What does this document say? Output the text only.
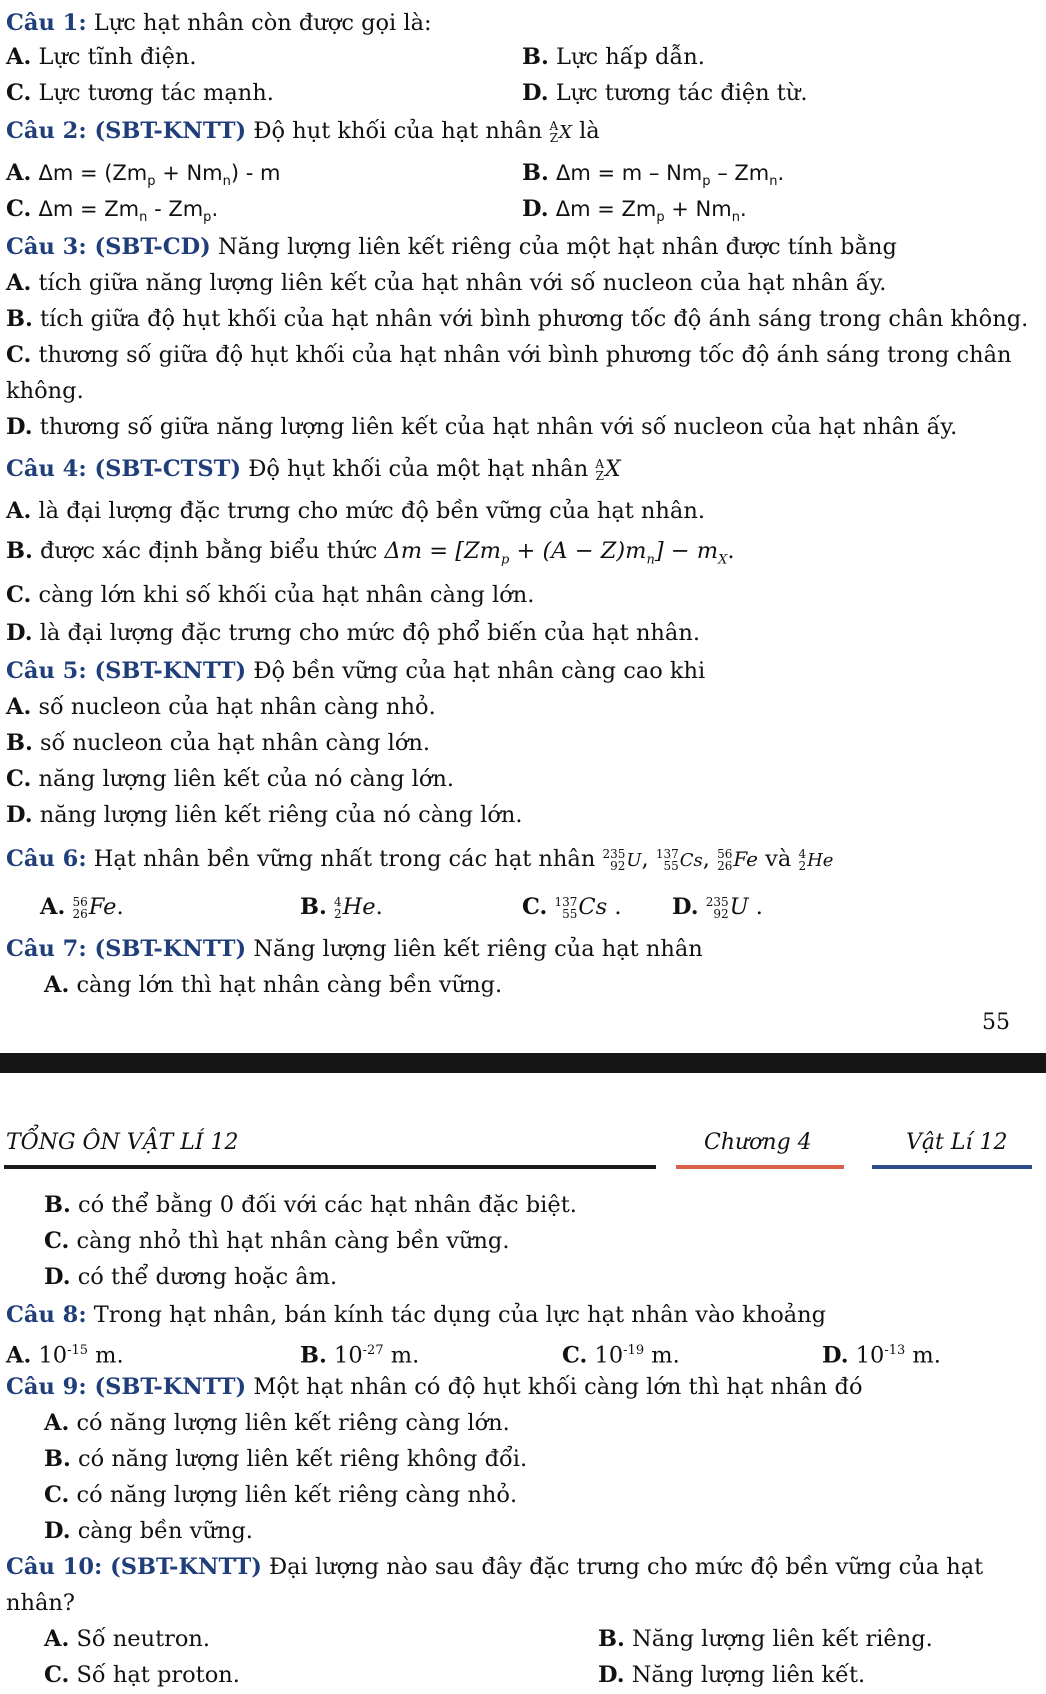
Câu 1: Lực hạt nhân còn được gọi là:
A. Lực tĩnh điện.	B. Lực hấp dẫn.
C. Lực tương tác mạnh.	D. Lực tương tác điện từ.
Câu 2: (SBT-KNTT) Độ hụt khối của hạt nhân A
Z X là
A. $\Delta m = (Zm_p + Nm_n) - m$	B. $\Delta m = m - Nm_p - Zm_n$.
C. $\Delta m = Zm_n - Zm_p$.	D. $\Delta m = Zm_p + Nm_n$.
Câu 3: (SBT-CD) Năng lượng liên kết riêng của một hạt nhân được tính bằng
A. tích giữa năng lượng liên kết của hạt nhân với số nucleon của hạt nhân ấy.
B. tích giữa độ hụt khối của hạt nhân với bình phương tốc độ ánh sáng trong chân không.
C. thương số giữa độ hụt khối của hạt nhân với bình phương tốc độ ánh sáng trong chân
không.
D. thương số giữa năng lượng liên kết của hạt nhân với số nucleon của hạt nhân ấy.
Câu 4: (SBT-CTST) Độ hụt khối của một hạt nhân A
Z X
A. là đại lượng đặc trưng cho mức độ bền vững của hạt nhân.
B. được xác định bằng biểu thức $\Delta m = [Zm_p + (A - Z)m_n] - m_X$.
C. càng lớn khi số khối của hạt nhân càng lớn.
D. là đại lượng đặc trưng cho mức độ phổ biến của hạt nhân.
Câu 5: (SBT-KNTT) Độ bền vững của hạt nhân càng cao khi
A. số nucleon của hạt nhân càng nhỏ.
B. số nucleon của hạt nhân càng lớn.
C. năng lượng liên kết của nó càng lớn.
D. năng lượng liên kết riêng của nó càng lớn.
Câu 6: Hạt nhân bền vững nhất trong các hạt nhân 235
92 U, 137
55 Cs, 56
26 Fe và 4
2 He
A. 56
26 Fe.	B. 4
2 He.	C. 137
55 Cs . D. 235
92 U .
Câu 7: (SBT-KNTT) Năng lượng liên kết riêng của hạt nhân
A. càng lớn thì hạt nhân càng bền vững.
55
TỔNG ÔN VẬT LÍ 12	Chương 4	Vật Lí 12
B. có thể bằng 0 đối với các hạt nhân đặc biệt.
C. càng nhỏ thì hạt nhân càng bền vững.
D. có thể dương hoặc âm.
Câu 8: Trong hạt nhân, bán kính tác dụng của lực hạt nhân vào khoảng
A. $10^{-15}$ m.	B. $10^{-27}$ m.	C. $10^{-19}$ m.	D. $10^{-13}$ m.
Câu 9: (SBT-KNTT) Một hạt nhân có độ hụt khối càng lớn thì hạt nhân đó
A. có năng lượng liên kết riêng càng lớn.
B. có năng lượng liên kết riêng không đổi.
C. có năng lượng liên kết riêng càng nhỏ.
D. càng bền vững.
Câu 10: (SBT-KNTT) Đại lượng nào sau đây đặc trưng cho mức độ bền vững của hạt
nhân?
A. Số neutron.	B. Năng lượng liên kết riêng.
C. Số hạt proton.	D. Năng lượng liên kết.
